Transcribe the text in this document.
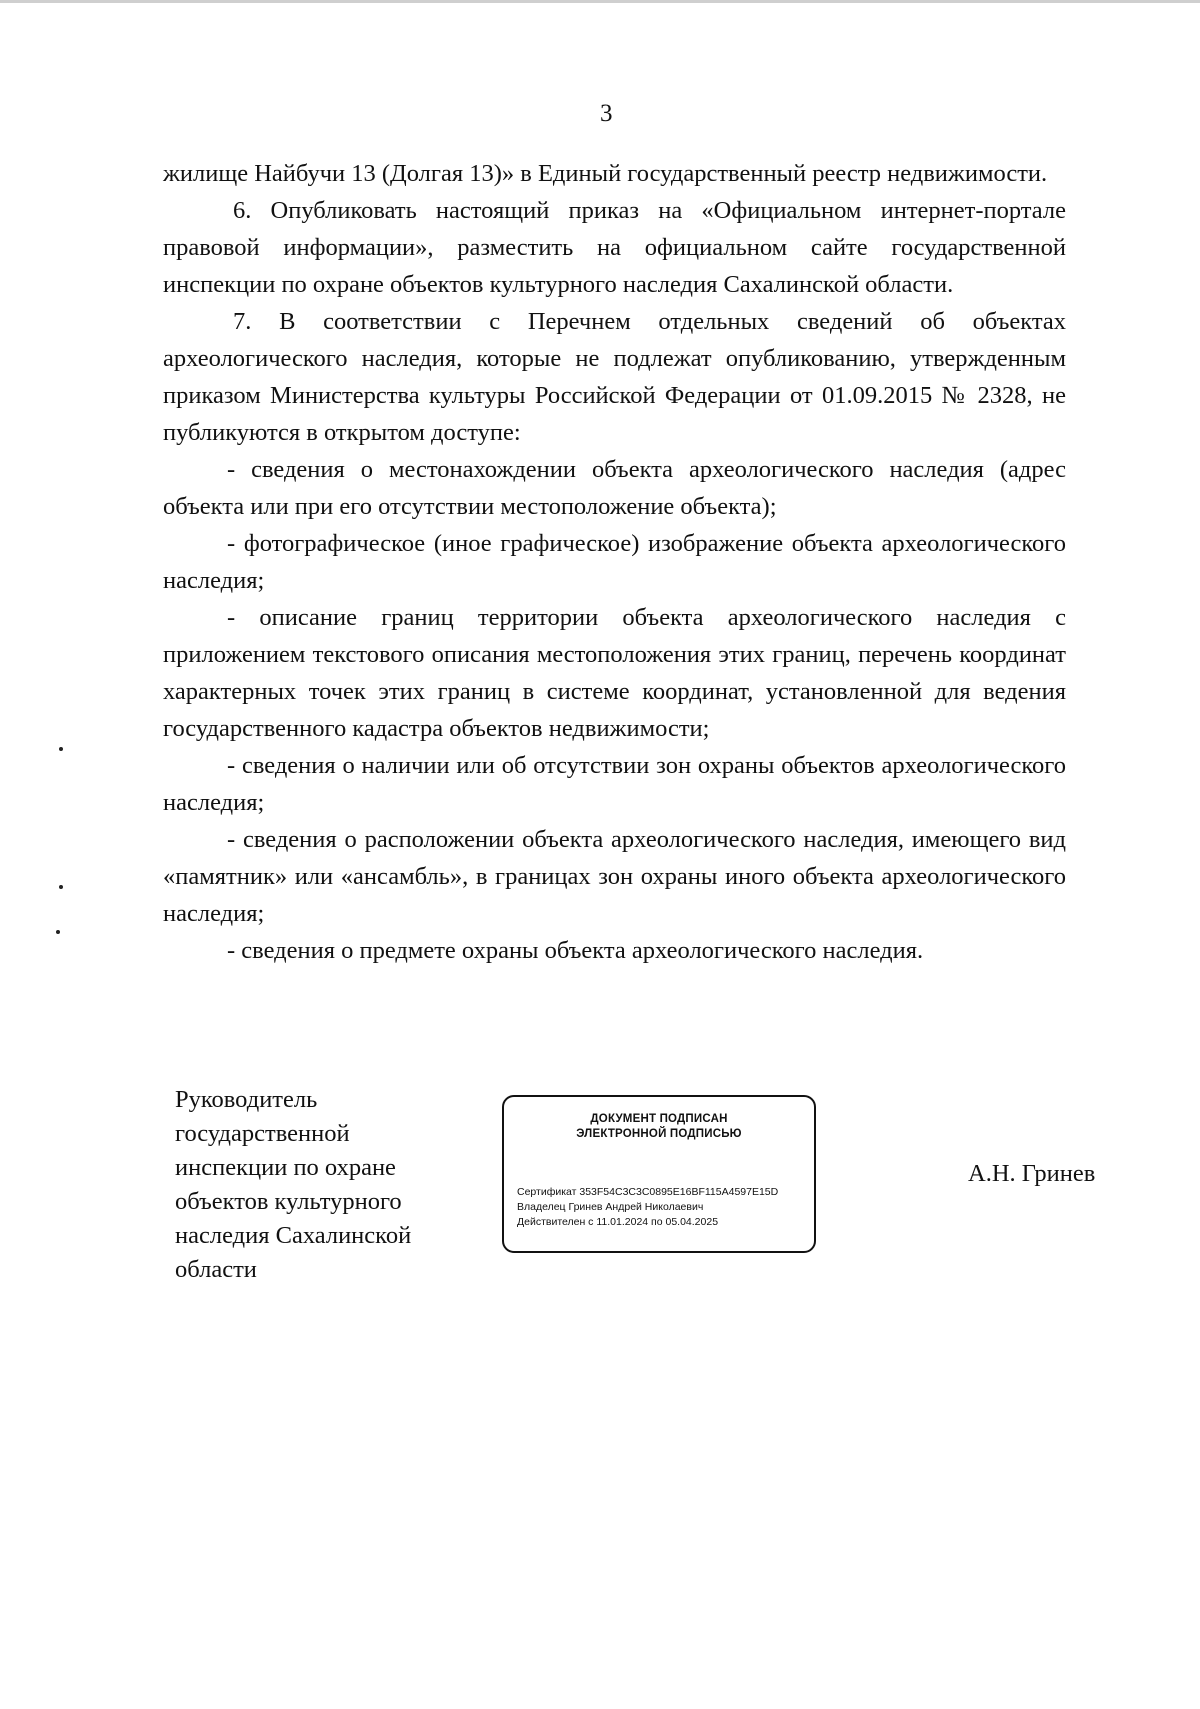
3

жилище Найбучи 13 (Долгая 13)» в Единый государственный реестр недвижимости.

6. Опубликовать настоящий приказ на «Официальном интернет-портале правовой информации», разместить на официальном сайте государственной инспекции по охране объектов культурного наследия Сахалинской области.

7. В соответствии с Перечнем отдельных сведений об объектах археологического наследия, которые не подлежат опубликованию, утвержденным приказом Министерства культуры Российской Федерации от 01.09.2015 № 2328, не публикуются в открытом доступе:

- сведения о местонахождении объекта археологического наследия (адрес объекта или при его отсутствии местоположение объекта);

- фотографическое (иное графическое) изображение объекта археологического наследия;

- описание границ территории объекта археологического наследия с приложением текстового описания местоположения этих границ, перечень координат характерных точек этих границ в системе координат, установленной для ведения государственного кадастра объектов недвижимости;

- сведения о наличии или об отсутствии зон охраны объектов археологического наследия;

- сведения о расположении объекта археологического наследия, имеющего вид «памятник» или «ансамбль», в границах зон охраны иного объекта археологического наследия;

- сведения о предмете охраны объекта археологического наследия.

Руководитель
государственной
инспекции по охране
объектов культурного
наследия Сахалинской
области
ДОКУМЕНТ ПОДПИСАН
ЭЛЕКТРОННОЙ ПОДПИСЬЮ
Сертификат 353F54C3C3C0895E16BF115A4597E15D
Владелец Гринев Андрей Николаевич
Действителен с 11.01.2024 по 05.04.2025
А.Н. Гринев
